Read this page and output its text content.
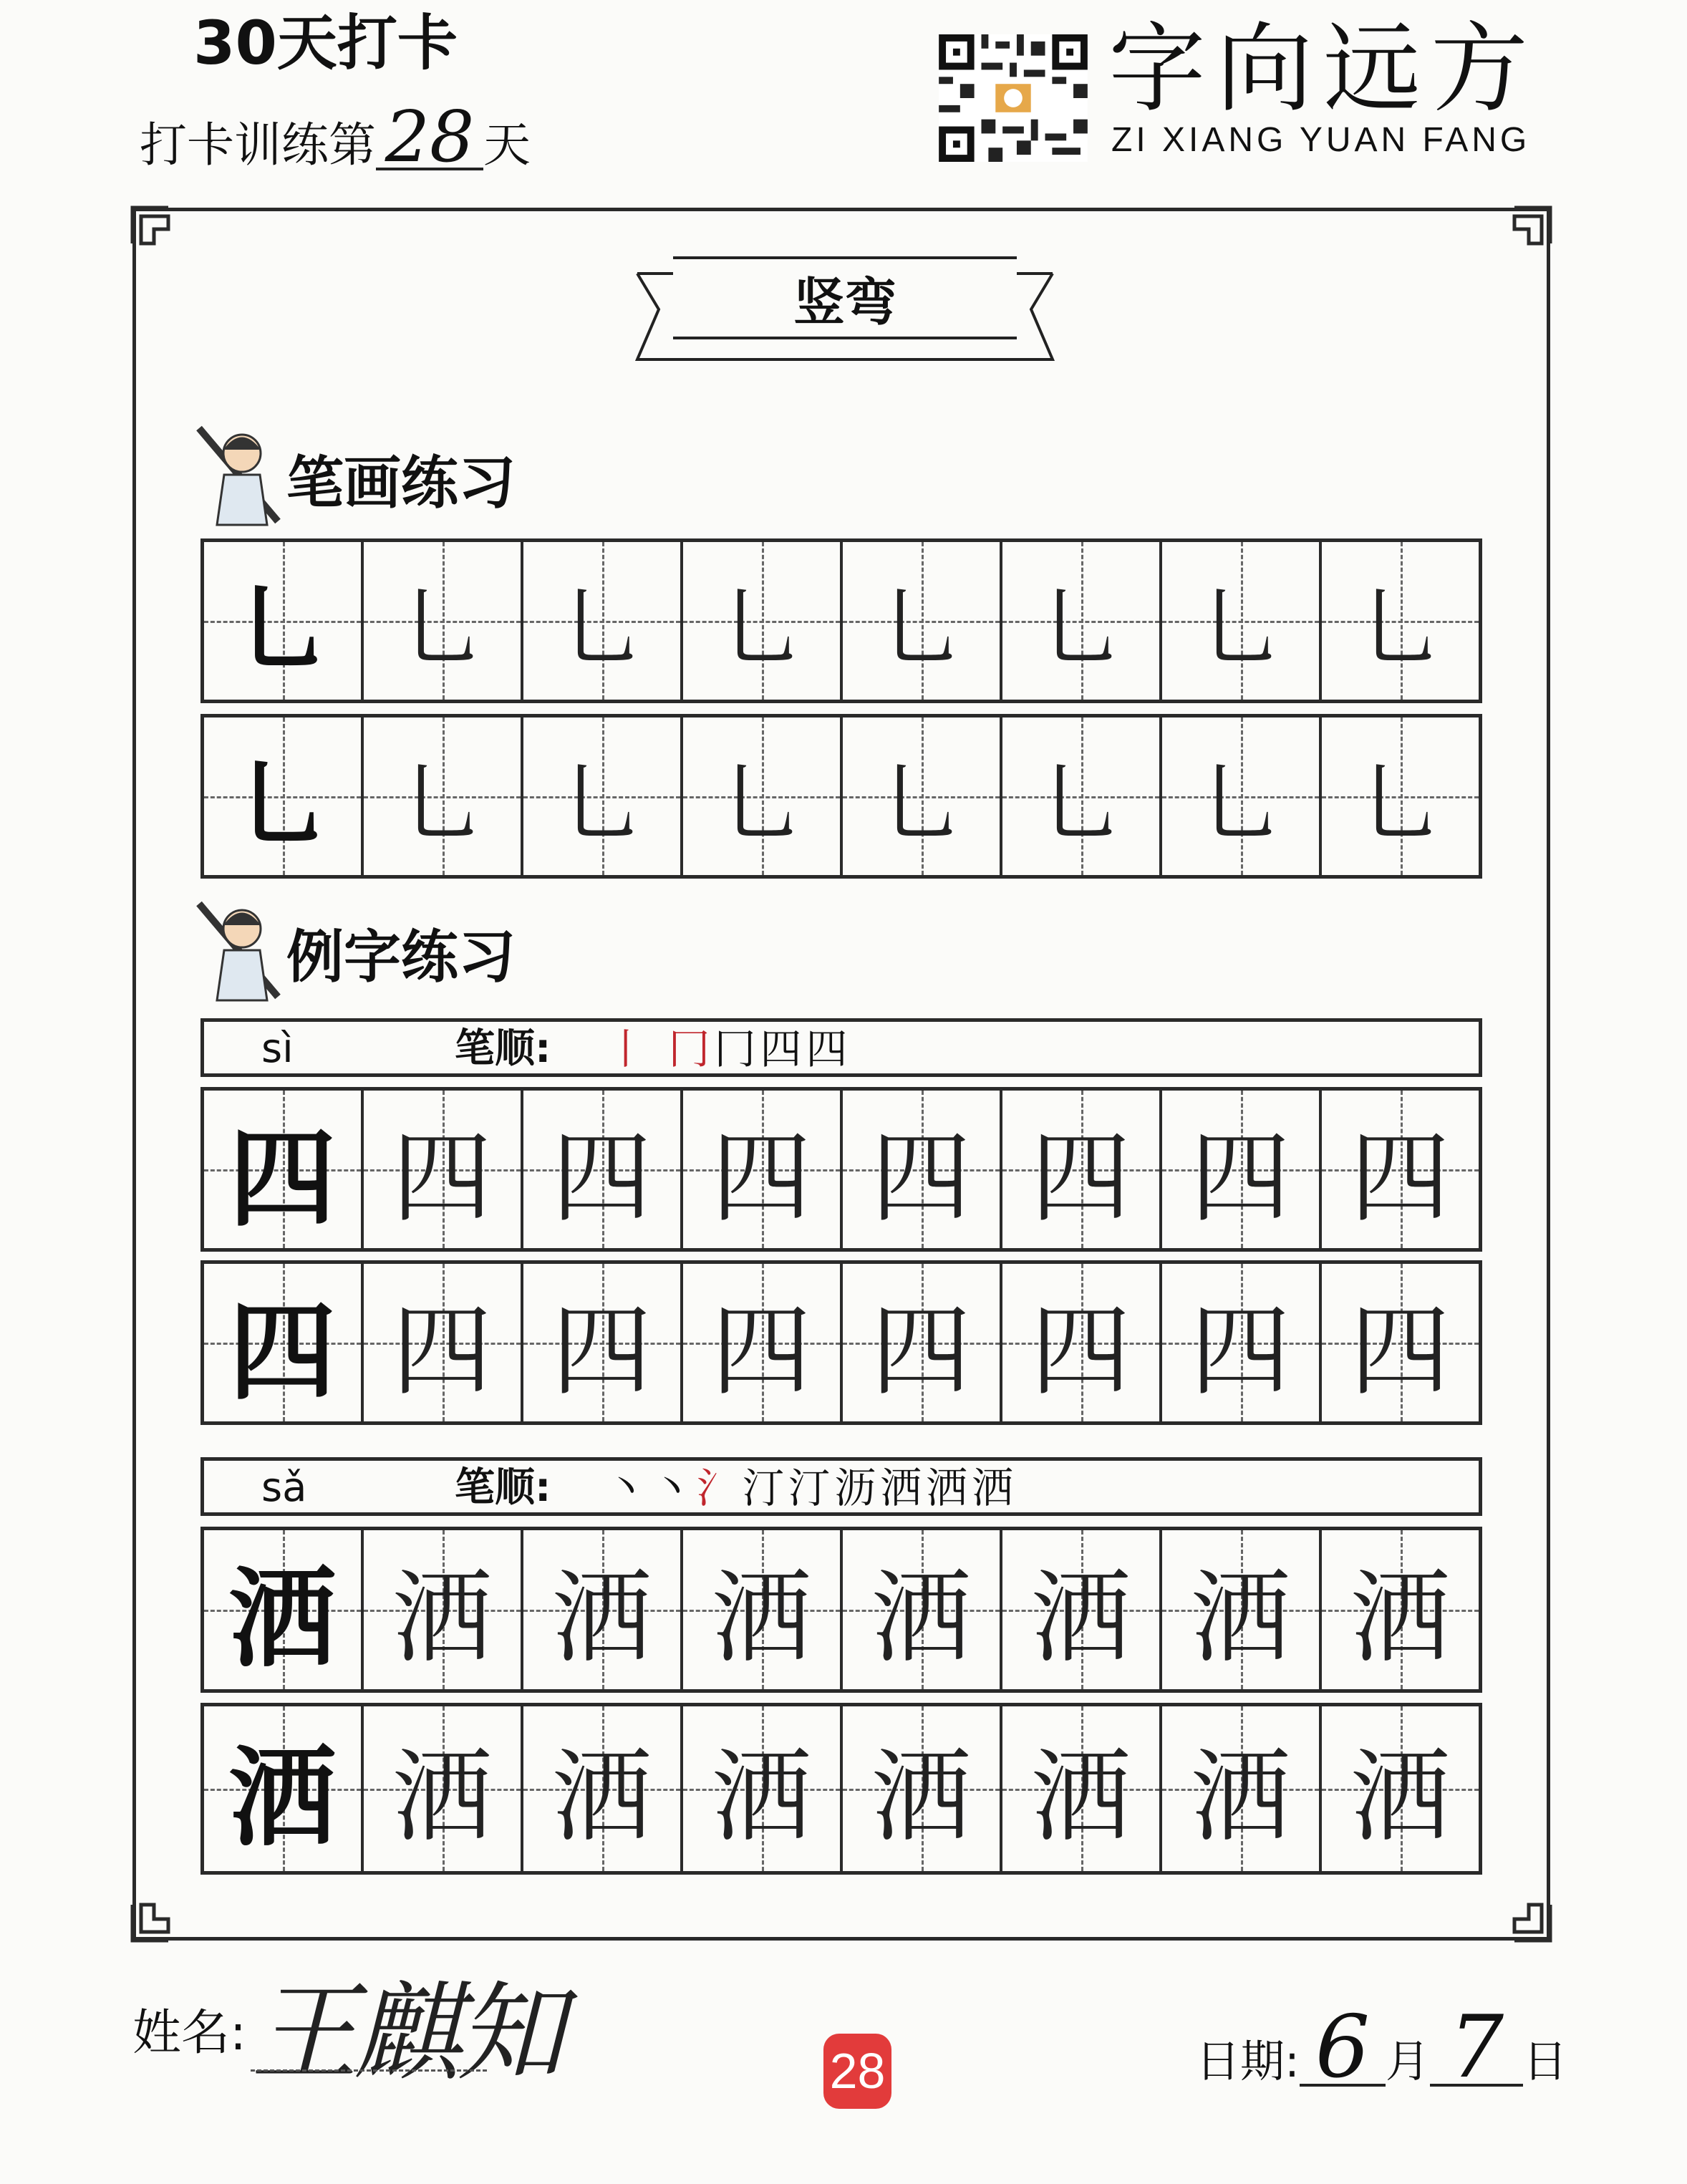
30天打卡
打卡训练第 28 天
字向远方
ZI XIANG YUAN FANG
竖弯
笔画练习
乚 乚 乚 乚 乚 乚 乚 乚
乚 乚 乚 乚 乚 乚 乚 乚
例字练习
sì	笔顺: 丨 冂冂四四
四 四 四 四 四 四 四 四
四 四 四 四 四 四 四 四
sǎ	笔顺: 丶丶氵汀汀沥洒洒洒
洒 洒 洒 洒 洒 洒 洒 洒
洒 洒 洒 洒 洒 洒 洒 洒
姓名: 王麒知	28	日期: 6 月 7 日
